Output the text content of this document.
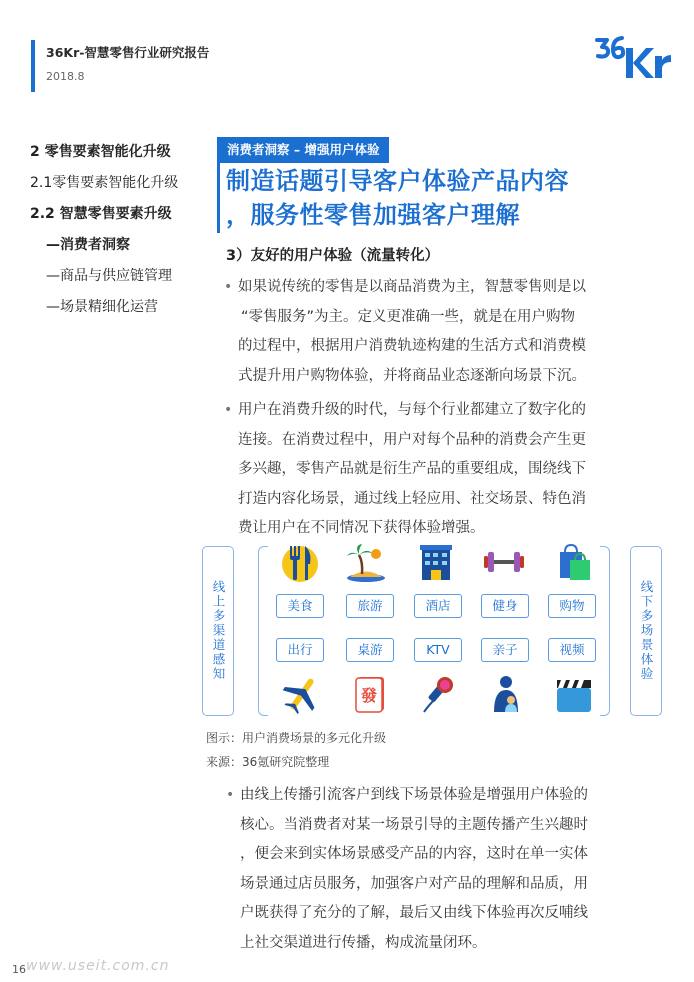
36Kr-智慧零售行业研究报告
2018.8
2 零售要素智能化升级
2.1零售要素智能化升级
2.2 智慧零售要素升级
—消费者洞察
—商品与供应链管理
—场景精细化运营
消费者洞察 – 增强用户体验
制造话题引导客户体验产品内容
，服务性零售加强客户理解
3）友好的用户体验（流量转化）
• 如果说传统的零售是以商品消费为主，智慧零售则是以
“零售服务”为主。定义更准确一些，就是在用户购物
的过程中，根据用户消费轨迹构建的生活方式和消费模
式提升用户购物体验，并将商品业态逐渐向场景下沉。
• 用户在消费升级的时代，与每个行业都建立了数字化的
连接。在消费过程中，用户对每个品种的消费会产生更
多兴趣，零售产品就是衍生产品的重要组成，围绕线下
打造内容化场景，通过线上轻应用、社交场景、特色消
费让用户在不同情况下获得体验增强。
线上多渠道感知	线下多场景体验
美食	旅游	酒店	健身	购物
出行	桌游	KTV	亲子	视频
發
图示：用户消费场景的多元化升级
来源：36氪研究院整理
• 由线上传播引流客户到线下场景体验是增强用户体验的
核心。当消费者对某一场景引导的主题传播产生兴趣时
，便会来到实体场景感受产品的内容，这时在单一实体
场景通过店员服务，加强客户对产品的理解和品质，用
户既获得了充分的了解，最后又由线下体验再次反哺线
上社交渠道进行传播，构成流量闭环。
16 www.useit.com.cn
